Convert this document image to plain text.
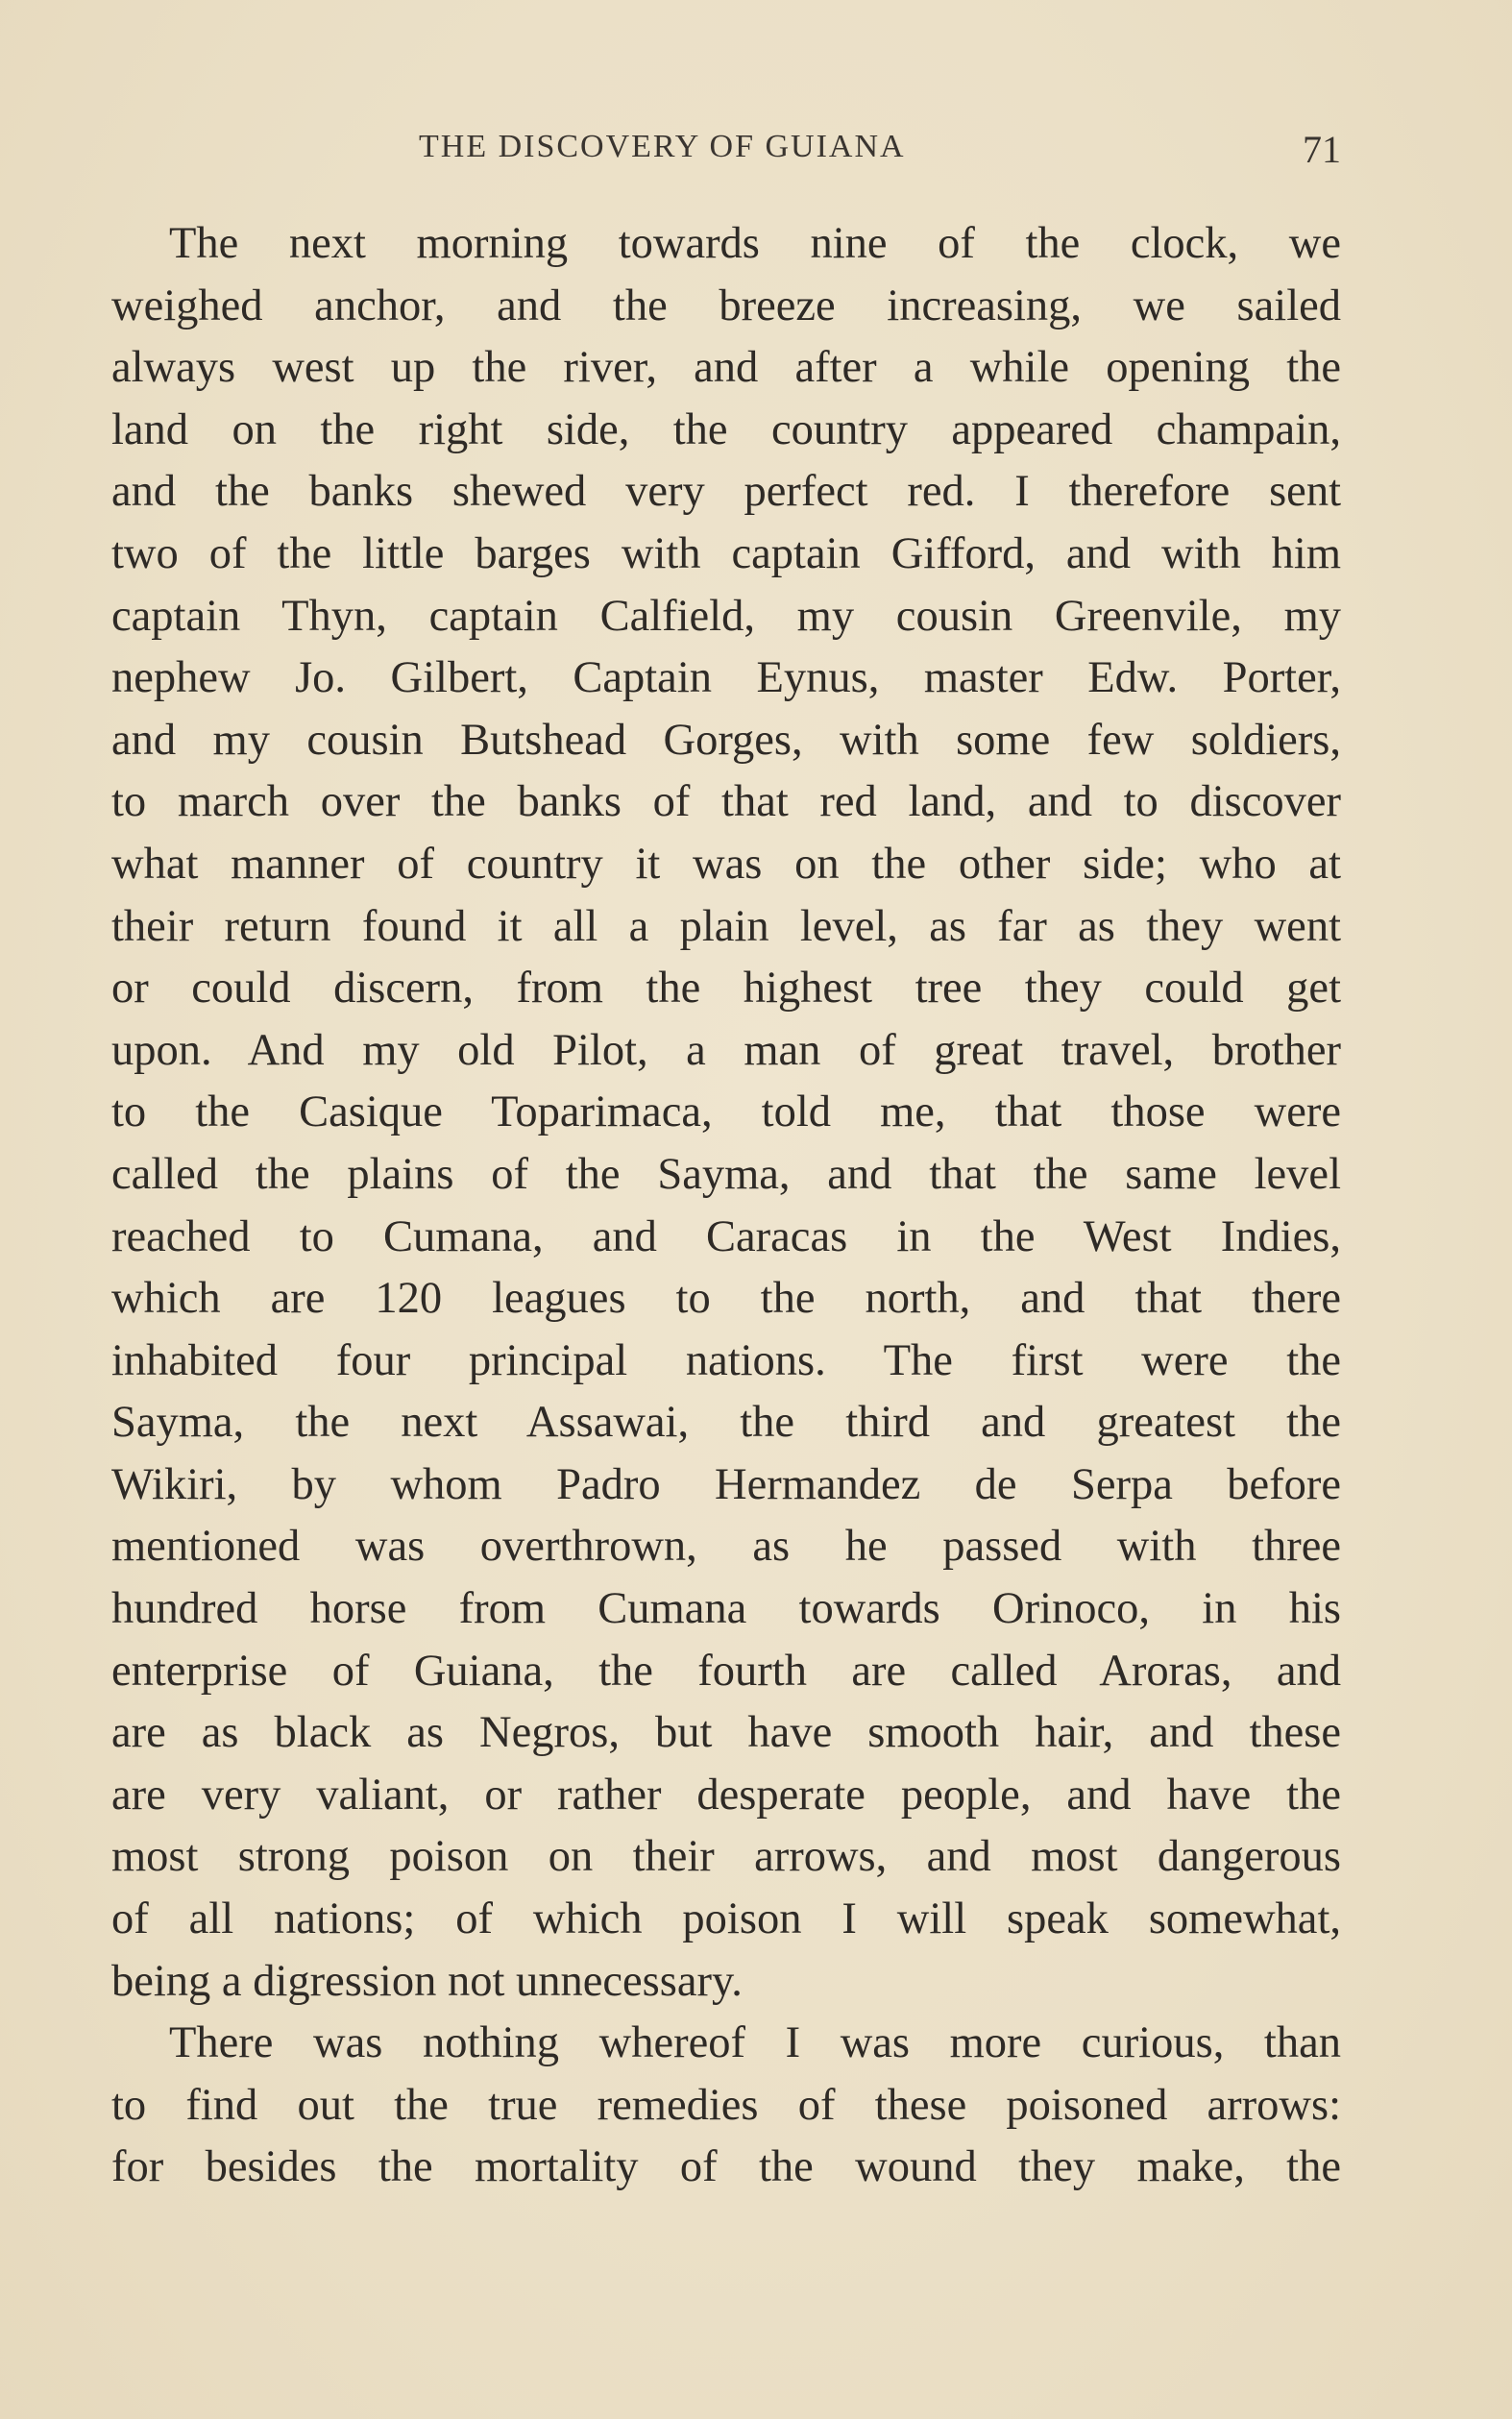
THE DISCOVERY OF GUIANA	71
The next morning towards nine of the clock, we
weighed anchor, and the breeze increasing, we sailed
always west up the river, and after a while opening the
land on the right side, the country appeared champain,
and the banks shewed very perfect red. I therefore sent
two of the little barges with captain Gifford, and with him
captain Thyn, captain Calfield, my cousin Greenvile, my
nephew Jo. Gilbert, Captain Eynus, master Edw. Porter,
and my cousin Butshead Gorges, with some few soldiers,
to march over the banks of that red land, and to discover
what manner of country it was on the other side; who at
their return found it all a plain level, as far as they went
or could discern, from the highest tree they could get
upon. And my old Pilot, a man of great travel, brother
to the Casique Toparimaca, told me, that those were
called the plains of the Sayma, and that the same level
reached to Cumana, and Caracas in the West Indies,
which are 120 leagues to the north, and that there
inhabited four principal nations. The first were the
Sayma, the next Assawai, the third and greatest the
Wikiri, by whom Padro Hermandez de Serpa before
mentioned was overthrown, as he passed with three
hundred horse from Cumana towards Orinoco, in his
enterprise of Guiana, the fourth are called Aroras, and
are as black as Negros, but have smooth hair, and these
are very valiant, or rather desperate people, and have the
most strong poison on their arrows, and most dangerous
of all nations; of which poison I will speak somewhat,
being a digression not unnecessary.
There was nothing whereof I was more curious, than
to find out the true remedies of these poisoned arrows:
for besides the mortality of the wound they make, the
